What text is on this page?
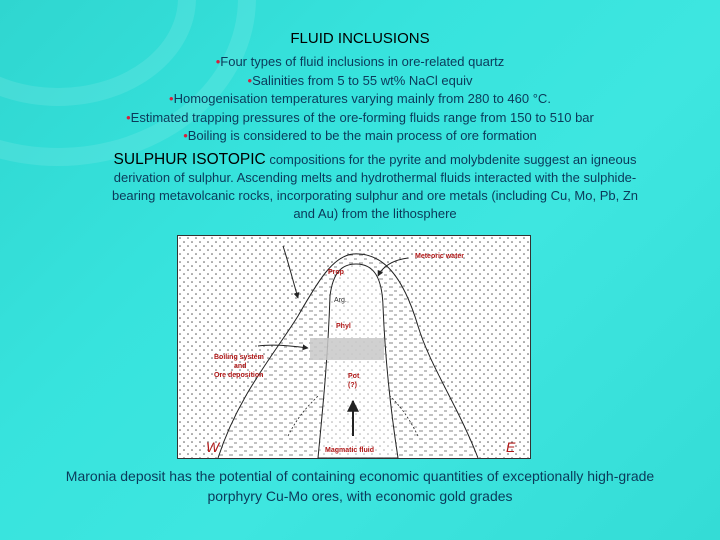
FLUID INCLUSIONS
•Four types of fluid inclusions in ore-related quartz
•Salinities from 5 to 55 wt% NaCl equiv
•Homogenisation temperatures varying mainly from 280 to 460 °C.
•Estimated trapping pressures of the ore-forming fluids range from 150 to 510 bar
•Boiling is considered to be the main process of ore formation
SULPHUR ISOTOPIC compositions for the pyrite and molybdenite suggest an igneous derivation of sulphur. Ascending melts and hydrothermal fluids interacted with the sulphide-bearing metavolcanic rocks, incorporating sulphur and ore metals (including Cu, Mo, Pb, Zn and Au) from the lithosphere
Meteoric water
Prop
Arg.
Phyl
Boiling system
and
Ore deposition	Pot
(?)
Magmatic fluid
W	E
Maronia deposit has the potential of containing economic quantities of exceptionally high-grade porphyry Cu-Mo ores, with economic gold grades
